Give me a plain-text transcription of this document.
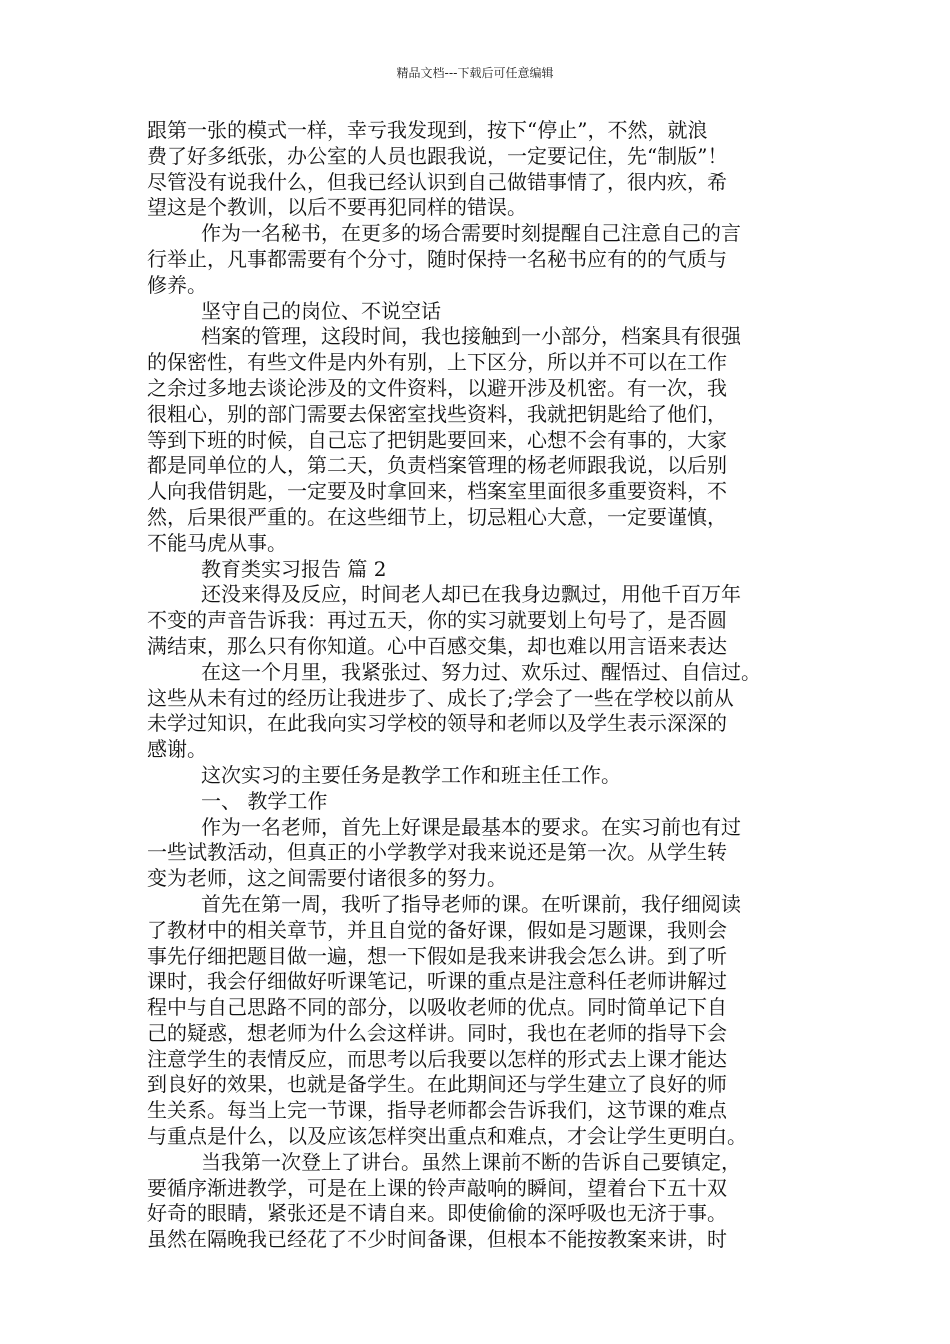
精品文档---下载后可任意编辑
跟第一张的模式一样，幸亏我发现到，按下“停止”，不然，就浪
费了好多纸张，办公室的人员也跟我说，一定要记住，先“制版”！
尽管没有说我什么，但我已经认识到自己做错事情了，很内疚，希
望这是个教训，以后不要再犯同样的错误。
作为一名秘书，在更多的场合需要时刻提醒自己注意自己的言
行举止，凡事都需要有个分寸，随时保持一名秘书应有的的气质与
修养。
坚守自己的岗位、不说空话
档案的管理，这段时间，我也接触到一小部分，档案具有很强
的保密性，有些文件是内外有别，上下区分，所以并不可以在工作
之余过多地去谈论涉及的文件资料，以避开涉及机密。有一次，我
很粗心，别的部门需要去保密室找些资料，我就把钥匙给了他们，
等到下班的时候，自己忘了把钥匙要回来，心想不会有事的，大家
都是同单位的人，第二天，负责档案管理的杨老师跟我说，以后别
人向我借钥匙，一定要及时拿回来，档案室里面很多重要资料，不
然，后果很严重的。在这些细节上，切忌粗心大意，一定要谨慎，
不能马虎从事。
教育类实习报告 篇 2
还没来得及反应，时间老人却已在我身边飘过，用他千百万年
不变的声音告诉我：再过五天，你的实习就要划上句号了，是否圆
满结束，那么只有你知道。心中百感交集，却也难以用言语来表达
在这一个月里，我紧张过、努力过、欢乐过、醒悟过、自信过。
这些从未有过的经历让我进步了、成长了;学会了一些在学校以前从
未学过知识，在此我向实习学校的领导和老师以及学生表示深深的
感谢。
这次实习的主要任务是教学工作和班主任工作。
一、 教学工作
作为一名老师，首先上好课是最基本的要求。在实习前也有过
一些试教活动，但真正的小学教学对我来说还是第一次。从学生转
变为老师，这之间需要付诸很多的努力。
首先在第一周，我听了指导老师的课。在听课前，我仔细阅读
了教材中的相关章节，并且自觉的备好课，假如是习题课，我则会
事先仔细把题目做一遍，想一下假如是我来讲我会怎么讲。到了听
课时，我会仔细做好听课笔记，听课的重点是注意科任老师讲解过
程中与自己思路不同的部分，以吸收老师的优点。同时简单记下自
己的疑惑，想老师为什么会这样讲。同时，我也在老师的指导下会
注意学生的表情反应，而思考以后我要以怎样的形式去上课才能达
到良好的效果，也就是备学生。在此期间还与学生建立了良好的师
生关系。每当上完一节课，指导老师都会告诉我们，这节课的难点
与重点是什么，以及应该怎样突出重点和难点，才会让学生更明白。
当我第一次登上了讲台。虽然上课前不断的告诉自己要镇定，
要循序渐进教学，可是在上课的铃声敲响的瞬间，望着台下五十双
好奇的眼睛，紧张还是不请自来。即使偷偷的深呼吸也无济于事。
虽然在隔晚我已经花了不少时间备课，但根本不能按教案来讲，时
